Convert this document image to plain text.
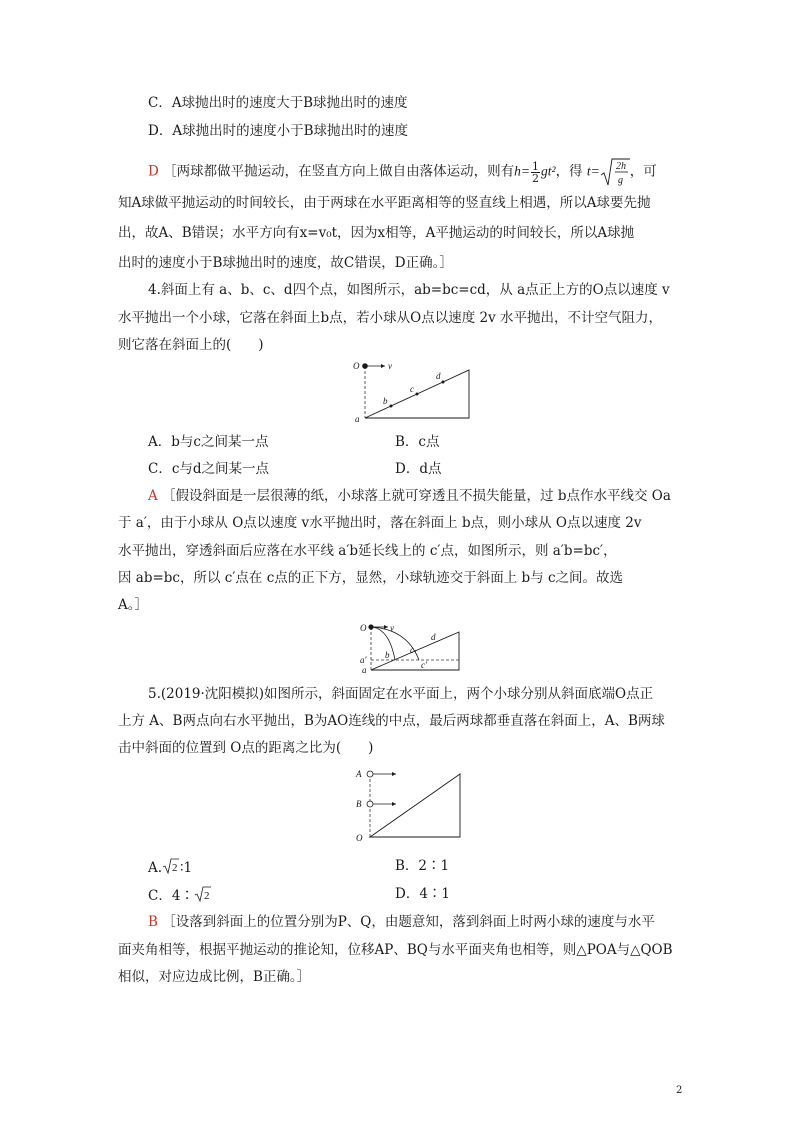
C．A球抛出时的速度大于B球抛出时的速度
D．A球抛出时的速度小于B球抛出时的速度
D ［两球都做平抛运动，在竖直方向上做自由落体运动，则有$h= \frac{1}{2} gt^2$，得 t= 2h
g
，可
知A球做平抛运动的时间较长，由于两球在水平距离相等的竖直线上相遇，所以A球要先抛
出，故A、B错误；水平方向有x=v₀t，因为x相等，A平抛运动的时间较长，所以A球抛
出时的速度小于B球抛出时的速度，故C错误，D正确。］
4.斜面上有 a、b、c、d四个点，如图所示，ab=bc=cd，从 a点正上方的O点以速度 v
水平抛出一个小球，它落在斜面上b点，若小球从O点以速度 2v 水平抛出，不计空气阻力，
则它落在斜面上的(　　)
O	v
a
b
c
d
A．b与c之间某一点	B．c点
C．c与d之间某一点	D．d点
A ［假设斜面是一层很薄的纸，小球落上就可穿透且不损失能量，过 b点作水平线交 Oa
于 a′，由于小球从 O点以速度 v水平抛出时，落在斜面上 b点，则小球从 O点以速度 2v
水平抛出，穿透斜面后应落在水平线 a′b延长线上的 c′点，如图所示，则 a′b=bc′，
因 ab=bc，所以 c′点在 c点的正下方，显然，小球轨迹交于斜面上 b与 c之间。故选
A。］
O	v
a′
a
b c
c′
d
5.(2019·沈阳模拟)如图所示，斜面固定在水平面上，两个小球分别从斜面底端O点正
上方 A、B两点向右水平抛出，B为AO连线的中点，最后两球都垂直落在斜面上，A、B两球
击中斜面的位置到 O点的距离之比为(　　)
A
B
O
A. 2 ∶1	B．2∶1
C．4∶ 2	D．4∶1
B ［设落到斜面上的位置分别为P、Q，由题意知，落到斜面上时两小球的速度与水平
面夹角相等，根据平抛运动的推论知，位移AP、BQ与水平面夹角也相等，则△POA与△QOB
相似，对应边成比例，B正确。］
2
